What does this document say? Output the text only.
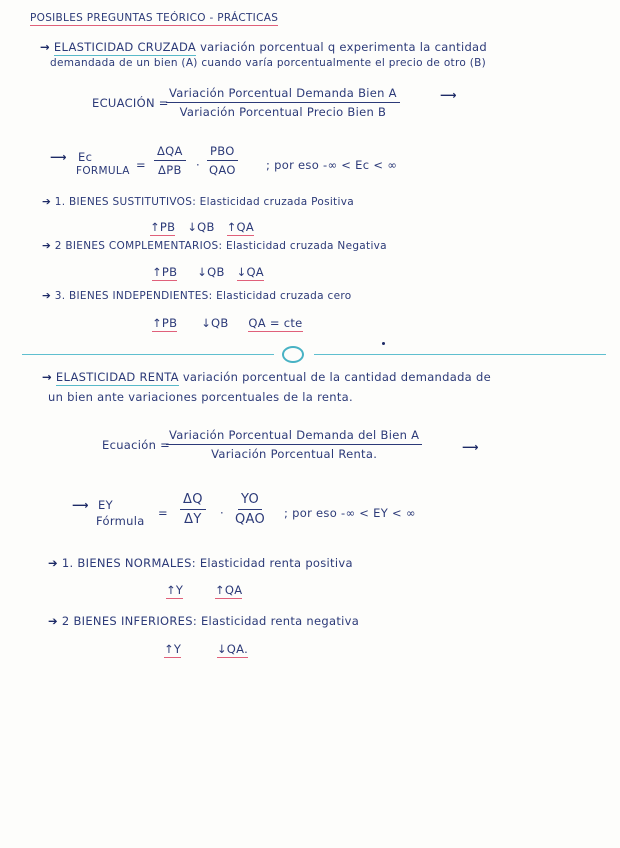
POSIBLES PREGUNTAS TEÓRICO - PRÁCTICAS
→ ELASTICIDAD CRUZADA variación porcentual q experimenta la cantidad
demandada de un bien (A) cuando varía porcentualmente el precio de otro (B)
ECUACIÓN =
Variación Porcentual Demanda Bien A
Variación Porcentual Precio Bien B
⟶
⟶ Ec
FORMULA =
ΔQA
ΔPB ·
PBO
QAO	; por eso -∞ < Ec < ∞
➔ 1. BIENES SUSTITUTIVOS: Elasticidad cruzada Positiva
↑PB ↓QB ↑QA
➔ 2 BIENES COMPLEMENTARIOS: Elasticidad cruzada Negativa
↑PB ↓QB ↓QA
➔ 3. BIENES INDEPENDIENTES: Elasticidad cruzada cero
↑PB ↓QB QA = cte
→ ELASTICIDAD RENTA variación porcentual de la cantidad demandada de
un bien ante variaciones porcentuales de la renta.
Ecuación =
Variación Porcentual Demanda del Bien A
Variación Porcentual Renta.	⟶
⟶ EY
Fórmula
= $\frac{\Delta Q}{\Delta Y}$ ·
YO
QAO ; por eso -∞ < EY < ∞
➔ 1. BIENES NORMALES: Elasticidad renta positiva
↑Y	↑QA
➔ 2 BIENES INFERIORES: Elasticidad renta negativa
↑Y	↓QA.
